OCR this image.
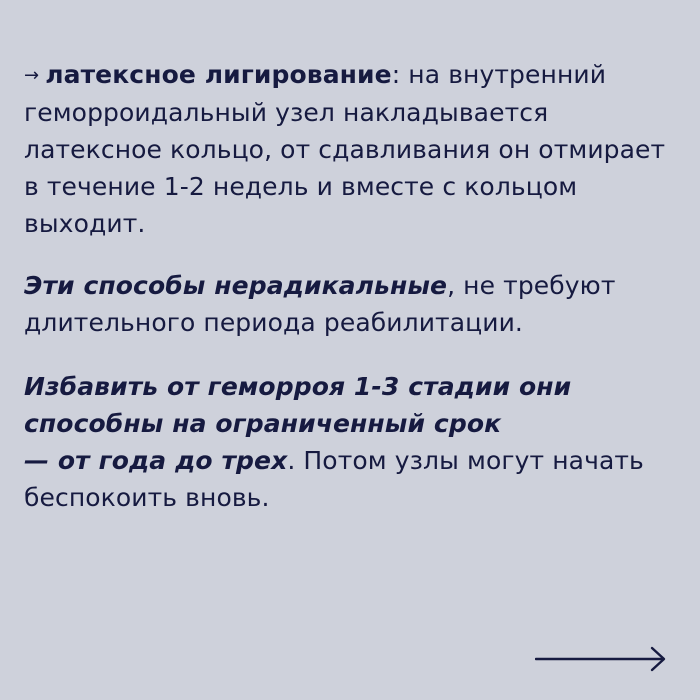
→ латексное лигирование: на внутренний геморроидальный узел накладывается латексное кольцо, от сдавливания он отмирает в течение 1-2 недель и вместе с кольцом выходит.

Эти способы нерадикальные, не требуют длительного периода реабилитации.

Избавить от геморроя 1-3 стадии они способны на ограниченный срок
— от года до трех. Потом узлы могут начать беспокоить вновь.
